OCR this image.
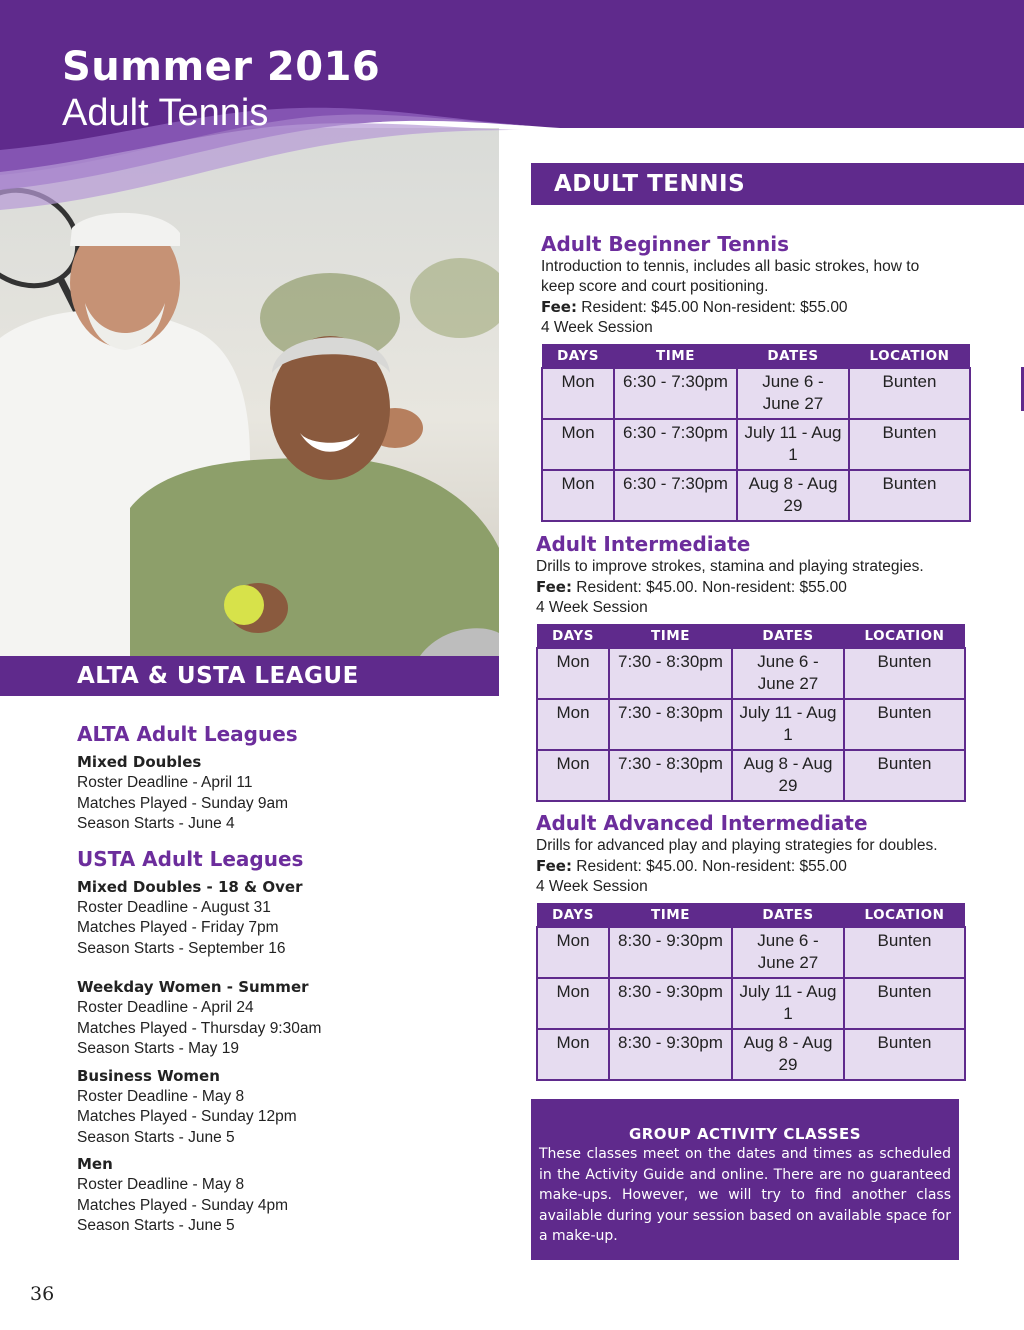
Summer 2016
Adult Tennis
ALTA & USTA LEAGUE
ALTA Adult Leagues
Mixed Doubles
Roster Deadline - April 11
Matches Played - Sunday 9am
Season Starts - June 4
USTA Adult Leagues
Mixed Doubles - 18 & Over
Roster Deadline - August 31
Matches Played - Friday 7pm
Season Starts - September 16
Weekday Women - Summer
Roster Deadline - April 24
Matches Played - Thursday 9:30am
Season Starts - May 19
Business Women
Roster Deadline - May 8
Matches Played - Sunday 12pm
Season Starts - June 5
Men
Roster Deadline - May 8
Matches Played - Sunday 4pm
Season Starts - June 5
ADULT TENNIS
Adult Beginner Tennis
Introduction to tennis, includes all basic strokes, how to keep score and court positioning.
Fee: Resident: $45.00 Non-resident: $55.00
4 Week Session
DAYS	TIME	DATES	LOCATION
Mon	6:30 - 7:30pm	June 6 - June 27	Bunten
Mon	6:30 - 7:30pm	July 11 - Aug 1	Bunten
Mon	6:30 - 7:30pm	Aug 8 - Aug 29	Bunten
Adult Intermediate
Drills to improve strokes, stamina and playing strategies.
Fee: Resident: $45.00. Non-resident: $55.00
4 Week Session
DAYS	TIME	DATES	LOCATION
Mon	7:30 - 8:30pm	June 6 - June 27	Bunten
Mon	7:30 - 8:30pm	July 11 - Aug 1	Bunten
Mon	7:30 - 8:30pm	Aug 8 - Aug 29	Bunten
Adult Advanced Intermediate
Drills for advanced play and playing strategies for doubles.
Fee: Resident: $45.00. Non-resident: $55.00
4 Week Session
DAYS	TIME	DATES	LOCATION
Mon	8:30 - 9:30pm	June 6 - June 27	Bunten
Mon	8:30 - 9:30pm	July 11 - Aug 1	Bunten
Mon	8:30 - 9:30pm	Aug 8 - Aug 29	Bunten
GROUP ACTIVITY CLASSES
These classes meet on the dates and times as scheduled in the Activity Guide and online. There are no guaranteed make-ups. However, we will try to find another class available during your session based on available space for a make-up.
36
